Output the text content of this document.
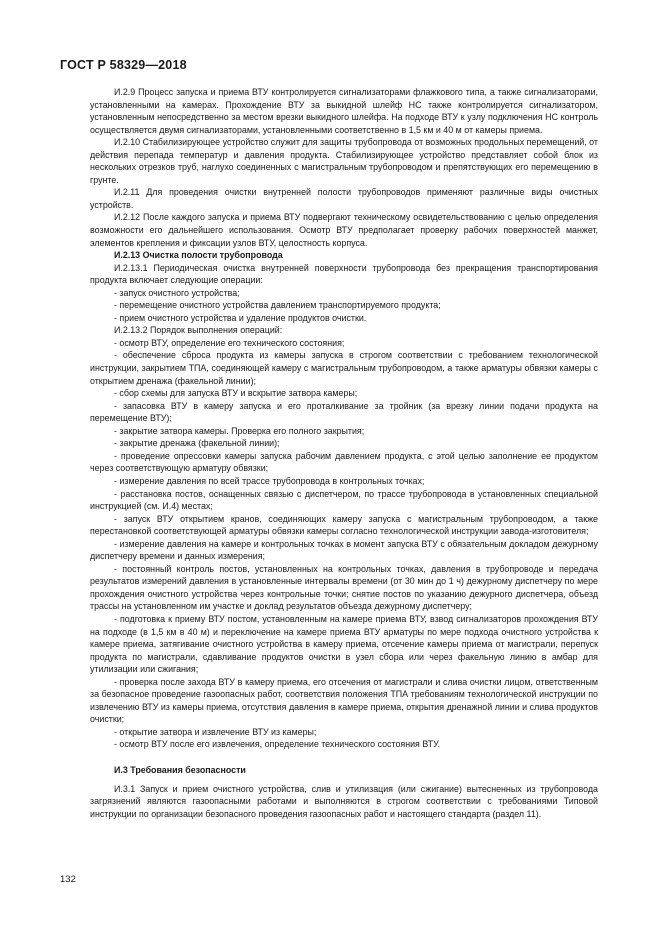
ГОСТ Р 58329—2018

И.2.9 Процесс запуска и приема ВТУ контролируется сигнализаторами флажкового типа, а также сигнализаторами, установленными на камерах. Прохождение ВТУ за выкидной шлейф НС также контролируется сигнализатором, установленным непосредственно за местом врезки выкидного шлейфа. На подходе ВТУ к узлу подключения НС контроль осуществляется двумя сигнализаторами, установленными соответственно в 1,5 км и 40 м от камеры приема.

И.2.10 Стабилизирующее устройство служит для защиты трубопровода от возможных продольных перемещений, от действия перепада температур и давления продукта. Стабилизирующее устройство представляет собой блок из нескольких отрезков труб, наглухо соединенных с магистральным трубопроводом и препятствующих его перемещению в грунте.

И.2.11 Для проведения очистки внутренней полости трубопроводов применяют различные виды очистных устройств.

И.2.12 После каждого запуска и приема ВТУ подвергают техническому освидетельствованию с целью определения возможности его дальнейшего использования. Осмотр ВТУ предполагает проверку рабочих поверхностей манжет, элементов крепления и фиксации узлов ВТУ, целостность корпуса.

И.2.13 Очистка полости трубопровода

И.2.13.1 Периодическая очистка внутренней поверхности трубопровода без прекращения транспортирования продукта включает следующие операции:

- запуск очистного устройства;

- перемещение очистного устройства давлением транспортируемого продукта;

- прием очистного устройства и удаление продуктов очистки.

И.2.13.2 Порядок выполнения операций:

- осмотр ВТУ, определение его технического состояния;

- обеспечение сброса продукта из камеры запуска в строгом соответствии с требованием технологической инструкции, закрытием ТПА, соединяющей камеру с магистральным трубопроводом, а также арматуры обвязки камеры с открытием дренажа (факельной линии);

- сбор схемы для запуска ВТУ и вскрытие затвора камеры;

- запасовка ВТУ в камеру запуска и его проталкивание за тройник (за врезку линии подачи продукта на перемещение ВТУ);

- закрытие затвора камеры. Проверка его полного закрытия;

- закрытие дренажа (факельной линии);

- проведение опрессовки камеры запуска рабочим давлением продукта, с этой целью заполнение ее продуктом через соответствующую арматуру обвязки;

- измерение давления по всей трассе трубопровода в контрольных точках;

- расстановка постов, оснащенных связью с диспетчером, по трассе трубопровода в установленных специальной инструкцией (см. И.4) местах;

- запуск ВТУ открытием кранов, соединяющих камеру запуска с магистральным трубопроводом, а также перестановкой соответствующей арматуры обвязки камеры согласно технологической инструкции завода-изготовителя;

- измерение давления на камере и контрольных точках в момент запуска ВТУ с обязательным докладом дежурному диспетчеру времени и данных измерения;

- постоянный контроль постов, установленных на контрольных точках, давления в трубопроводе и передача результатов измерений давления в установленные интервалы времени (от 30 мин до 1 ч) дежурному диспетчеру по мере прохождения очистного устройства через контрольные точки; снятие постов по указанию дежурного диспетчера, объезд трассы на установленном им участке и доклад результатов объезда дежурному диспетчеру;

- подготовка к приему ВТУ постом, установленным на камере приема ВТУ, взвод сигнализаторов прохождения ВТУ на подходе (в 1,5 км в 40 м) и переключение на камере приема ВТУ арматуры по мере подхода очистного устройства к камере приема, затягивание очистного устройства в камеру приема, отсечение камеры приема от магистрали, перепуск продукта по магистрали, сдавливание продуктов очистки в узел сбора или через факельную линию в амбар для утилизации или сжигания;

- проверка после захода ВТУ в камеру приема, его отсечения от магистрали и слива очистки лицом, ответственным за безопасное проведение газоопасных работ, соответствия положения ТПА требованиям технологической инструкции по извлечению ВТУ из камеры приема, отсутствия давления в камере приема, открытия дренажной линии и слива продуктов очистки;

- открытие затвора и извлечение ВТУ из камеры;

- осмотр ВТУ после его извлечения, определение технического состояния ВТУ.

И.3 Требования безопасности

И.3.1 Запуск и прием очистного устройства, слив и утилизация (или сжигание) вытесненных из трубопровода загрязнений являются газоопасными работами и выполняются в строгом соответствии с требованиями Типовой инструкции по организации безопасного проведения газоопасных работ и настоящего стандарта (раздел 11).

132
